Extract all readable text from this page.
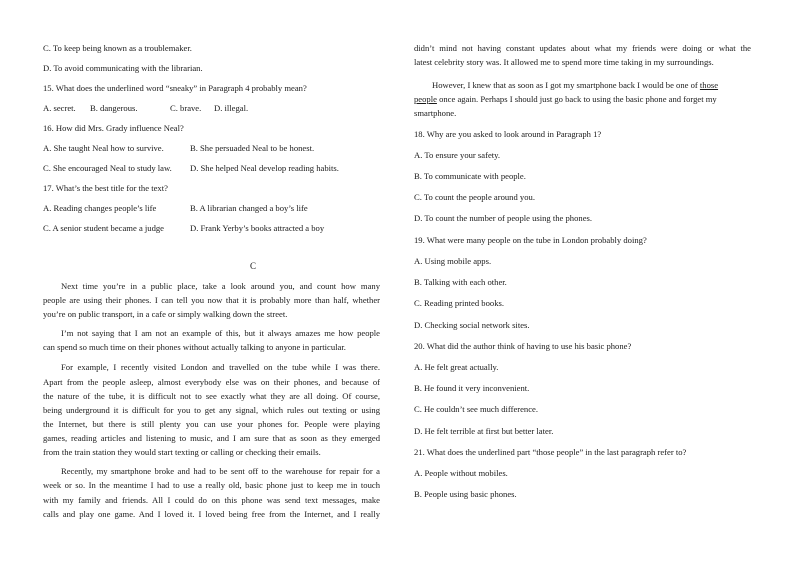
C. To keep being known as a troublemaker.
D. To avoid communicating with the librarian.
15. What does the underlined word “sneaky” in Paragraph 4 probably mean?
A. secret. B. dangerous.	C. brave. D. illegal.
16. How did Mrs. Grady influence Neal?
A. She taught Neal how to survive.	B. She persuaded Neal to be honest.
C. She encouraged Neal to study law. D. She helped Neal develop reading habits.
17. What’s the best title for the text?
A. Reading changes people’s life	B. A librarian changed a boy’s life
C. A senior student became a judge	D. Frank Yerby’s books attracted a boy
C
Next time you’re in a public place, take a look around you, and count how many
people are using their phones. I can tell you now that it is probably more than half, whether
you’re on public transport, in a cafe or simply walking down the street.
I’m not saying that I am not an example of this, but it always amazes me how people
can spend so much time on their phones without actually talking to anyone in particular.
For example, I recently visited London and travelled on the tube while I was there.
Apart from the people asleep, almost everybody else was on their phones, and because of
the nature of the tube, it is difficult not to see exactly what they are all doing. Of course,
being underground it is difficult for you to get any signal, which rules out texting or using
the Internet, but there is still plenty you can use your phones for. People were playing
games, reading articles and listening to music, and I am sure that as soon as they emerged
from the train station they would start texting or calling or checking their emails.
Recently, my smartphone broke and had to be sent off to the warehouse for repair for a
week or so. In the meantime I had to use a really old, basic phone just to keep me in touch
with my family and friends. All I could do on this phone was send text messages, make
calls and play one game. And I loved it. I loved being free from the Internet, and I really
didn’t mind not having constant updates about what my friends were doing or what the
latest celebrity story was. It allowed me to spend more time taking in my surroundings.
However, I knew that as soon as I got my smartphone back I would be one of those
people once again. Perhaps I should just go back to using the basic phone and forget my
smartphone.
18. Why are you asked to look around in Paragraph 1?
A. To ensure your safety.
B. To communicate with people.
C. To count the people around you.
D. To count the number of people using the phones.
19. What were many people on the tube in London probably doing?
A. Using mobile apps.
B. Talking with each other.
C. Reading printed books.
D. Checking social network sites.
20. What did the author think of having to use his basic phone?
A. He felt great actually.
B. He found it very inconvenient.
C. He couldn’t see much difference.
D. He felt terrible at first but better later.
21. What does the underlined part “those people” in the last paragraph refer to?
A. People without mobiles.
B. People using basic phones.
